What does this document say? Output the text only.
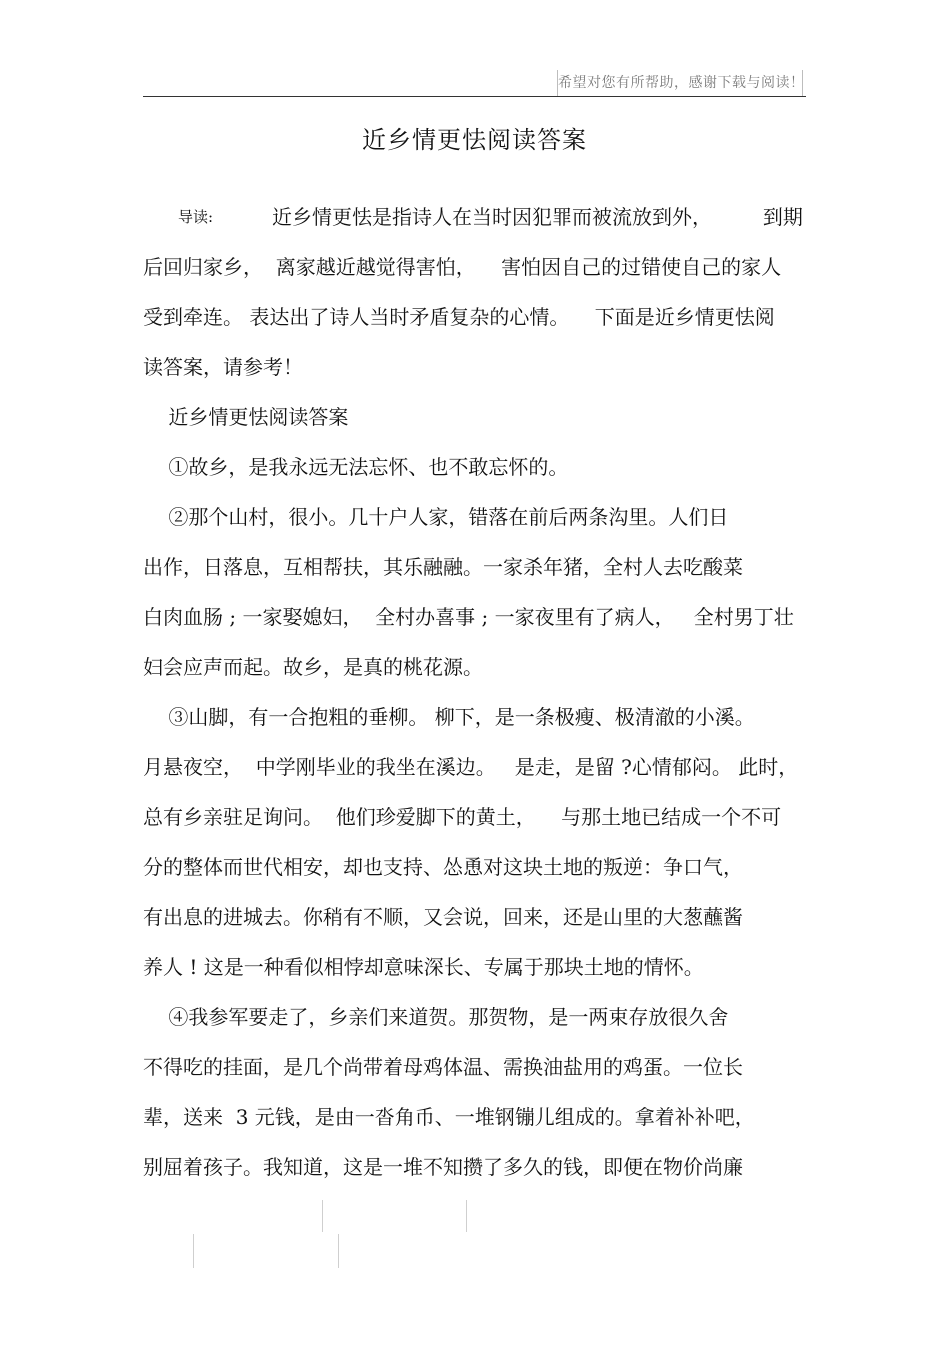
希望对您有所帮助，感谢下载与阅读！
近乡情更怯阅读答案
导读:	近乡情更怯是指诗人在当时因犯罪而被流放到外，        到期
后回归家乡，  离家越近越觉得害怕，    害怕因自己的过错使自己的家人
受到牵连。 表达出了诗人当时矛盾复杂的心情。    下面是近乡情更怯阅
读答案，请参考！
近乡情更怯阅读答案
①故乡，是我永远无法忘怀、也不敢忘怀的。
②那个山村，很小。几十户人家，错落在前后两条沟里。人们日
出作，日落息，互相帮扶，其乐融融。一家杀年猪，全村人去吃酸菜
白肉血肠 ; 一家娶媳妇，  全村办喜事 ; 一家夜里有了病人，   全村男丁壮
妇会应声而起。故乡，是真的桃花源。
③山脚，有一合抱粗的垂柳。 柳下，是一条极瘦、极清澈的小溪。
月悬夜空，  中学刚毕业的我坐在溪边。   是走，是留 ?心情郁闷。 此时，
总有乡亲驻足询问。  他们珍爱脚下的黄土，    与那土地已结成一个不可
分的整体而世代相安，却也支持、怂恿对这块土地的叛逆：争口气，
有出息的进城去。你稍有不顺，又会说，回来，还是山里的大葱蘸酱
养人 ! 这是一种看似相悖却意味深长、专属于那块土地的情怀。
④我参军要走了，乡亲们来道贺。那贺物，是一两束存放很久舍
不得吃的挂面，是几个尚带着母鸡体温、需换油盐用的鸡蛋。一位长
辈，送来  3 元钱，是由一沓角币、一堆钢镚儿组成的。拿着补补吧，
别屈着孩子。我知道，这是一堆不知攒了多久的钱，即便在物价尚廉
